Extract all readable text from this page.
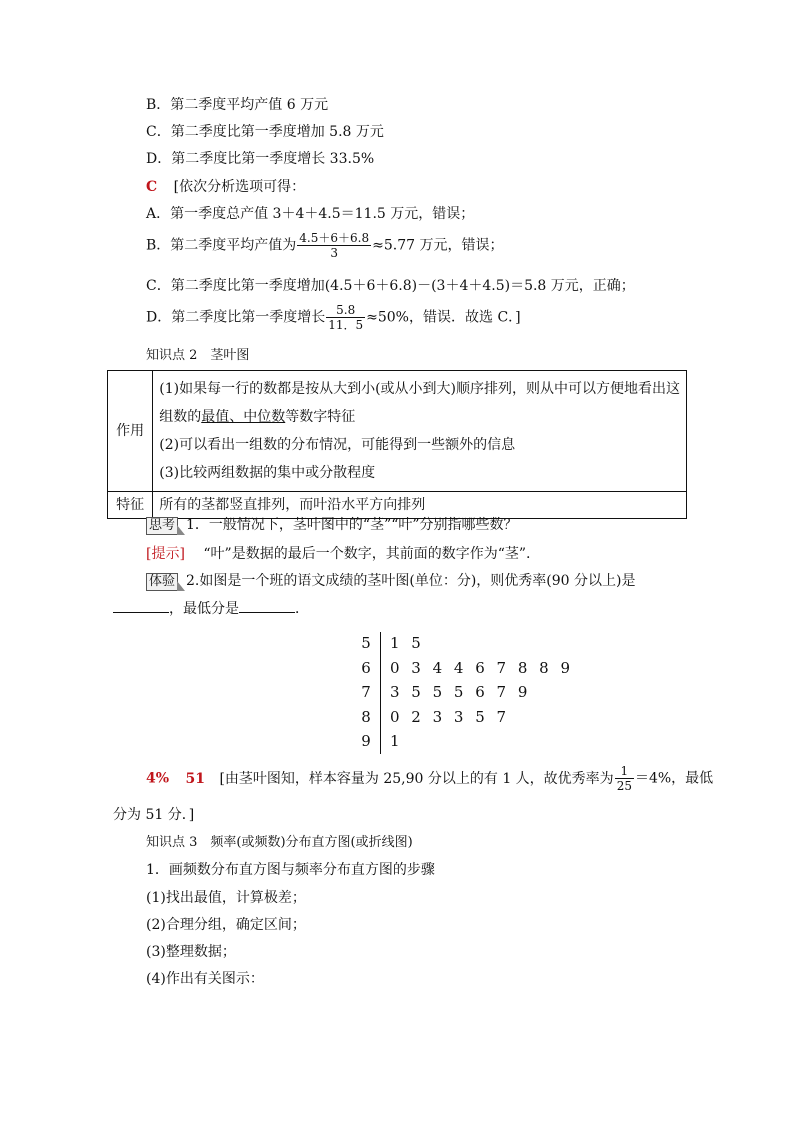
B．第二季度平均产值 6 万元
C．第二季度比第一季度增加 5.8 万元
D．第二季度比第一季度增长 33.5%
C [依次分析选项可得：
A．第一季度总产值 3＋4＋4.5＝11.5 万元，错误；
B．第二季度平均产值为 $\frac{4.5+6+6.8}{3} \approx 5.77$ 万元，错误；
C．第二季度比第一季度增加(4.5＋6＋6.8)－(3＋4＋4.5)＝5.8 万元，正确；
D．第二季度比第一季度增长 $\frac{5.8}{11.5} \approx 50\%$，错误．故选 C．]
知识点 2　茎叶图
作用	(1)如果每一行的数都是按从大到小(或从小到大)顺序排列，则从中可以方便地看出这
组数的最值、中位数等数字特征
(2)可以看出一组数的分布情况，可能得到一些额外的信息
(3)比较两组数据的集中或分散程度

特征	所有的茎都竖直排列，而叶沿水平方向排列
思考 1．一般情况下，茎叶图中的“茎”“叶”分别指哪些数？
[提示] “叶”是数据的最后一个数字，其前面的数字作为“茎”.
体验 2.如图是一个班的语文成绩的茎叶图(单位：分)，则优秀率(90 分以上)是
，最低分是	．
5 1 5
6 0 3 4 4 6 7 8 8 9
7 3 5 5 5 6 7 9
8 0 2 3 3 5 7
9 1
4% 51 [由茎叶图知，样本容量为 25,90 分以上的有 1 人，故优秀率为 $\frac{1}{25} =4\%$，最低
分为 51 分．]
知识点 3　频率(或频数)分布直方图(或折线图)
1．画频数分布直方图与频率分布直方图的步骤
(1)找出最值，计算极差；
(2)合理分组，确定区间；
(3)整理数据；
(4)作出有关图示：
